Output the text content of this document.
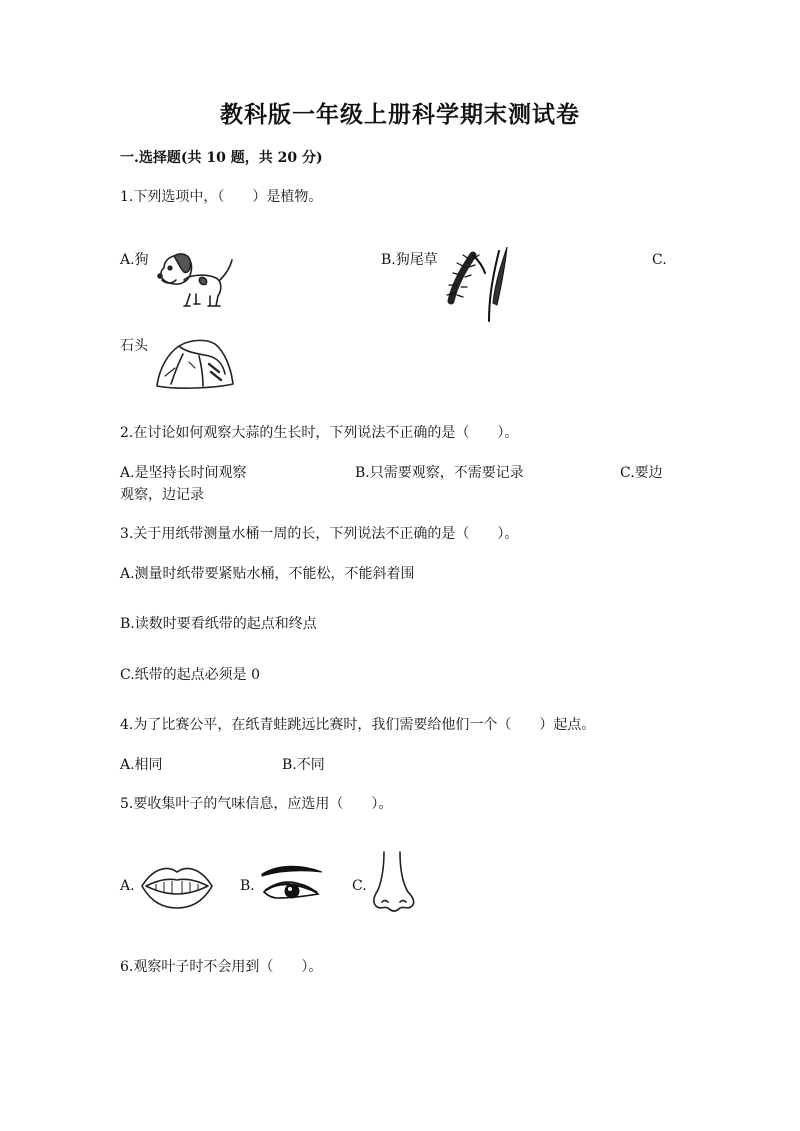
教科版一年级上册科学期末测试卷
一.选择题(共 10 题，共 20 分)
1.下列选项中，（　　）是植物。
A.狗	B.狗尾草	C.
石头
2.在讨论如何观察大蒜的生长时，下列说法不正确的是（　　）。
A.是坚持长时间观察	B.只需要观察，不需要记录	C.要边
观察，边记录
3.关于用纸带测量水桶一周的长，下列说法不正确的是（　　）。
A.测量时纸带要紧贴水桶，不能松，不能斜着围
B.读数时要看纸带的起点和终点
C.纸带的起点必须是 0
4.为了比赛公平，在纸青蛙跳远比赛时，我们需要给他们一个（　　）起点。
A.相同	B.不同
5.要收集叶子的气味信息，应选用（　　）。
A.	B.	C.
6.观察叶子时不会用到（　　）。
